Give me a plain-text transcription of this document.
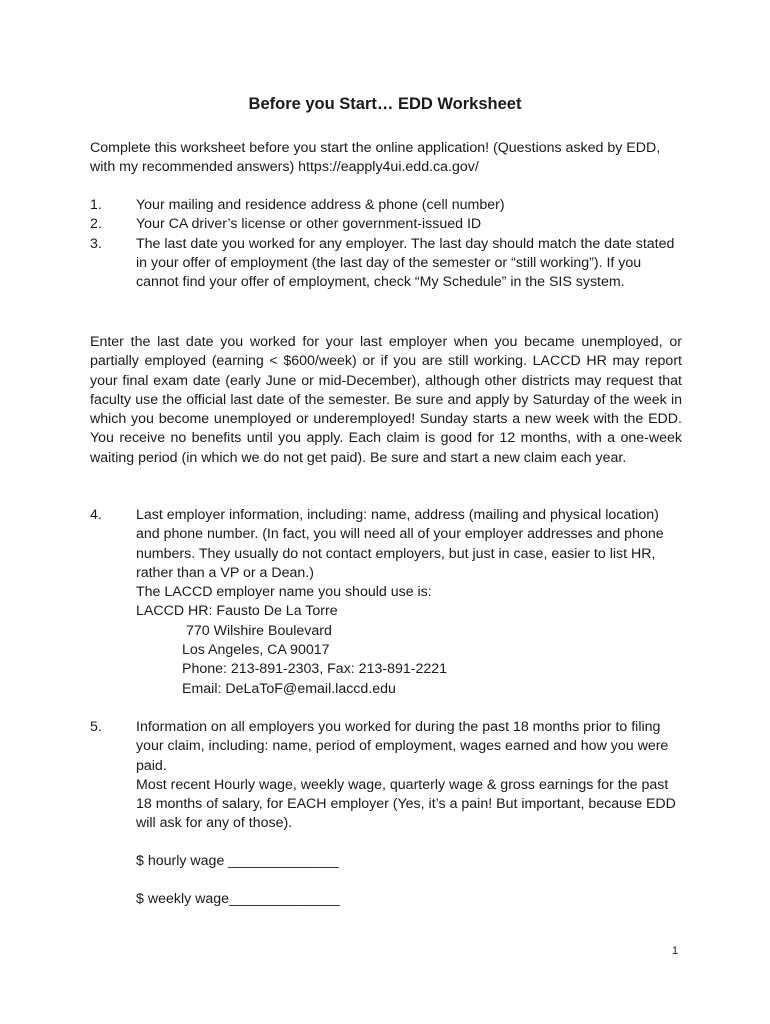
Before you Start… EDD Worksheet
Complete this worksheet before you start the online application! (Questions asked by EDD, with my recommended answers) https://eapply4ui.edd.ca.gov/
1.	Your mailing and residence address & phone (cell number)
2.	Your CA driver’s license or other government-issued ID
3.	The last date you worked for any employer. The last day should match the date stated in your offer of employment (the last day of the semester or “still working”). If you cannot find your offer of employment, check “My Schedule” in the SIS system.
Enter the last date you worked for your last employer when you became unemployed, or partially employed (earning < $600/week) or if you are still working. LACCD HR may report your final exam date (early June or mid-December), although other districts may request that faculty use the official last date of the semester. Be sure and apply by Saturday of the week in which you become unemployed or underemployed! Sunday starts a new week with the EDD. You receive no benefits until you apply. Each claim is good for 12 months, with a one-week waiting period (in which we do not get paid). Be sure and start a new claim each year.
4.	Last employer information, including: name, address (mailing and physical location) and phone number. (In fact, you will need all of your employer addresses and phone numbers. They usually do not contact employers, but just in case, easier to list HR, rather than a VP or a Dean.)
The LACCD employer name you should use is:
LACCD HR: Fausto De La Torre
770 Wilshire Boulevard
Los Angeles, CA 90017
Phone: 213-891-2303, Fax: 213-891-2221
Email: DeLaToF@email.laccd.edu
5.	Information on all employers you worked for during the past 18 months prior to filing your claim, including: name, period of employment, wages earned and how you were paid.
Most recent Hourly wage, weekly wage, quarterly wage & gross earnings for the past 18 months of salary, for EACH employer (Yes, it’s a pain! But important, because EDD will ask for any of those).
$ hourly wage ______________
$ weekly wage______________
1
